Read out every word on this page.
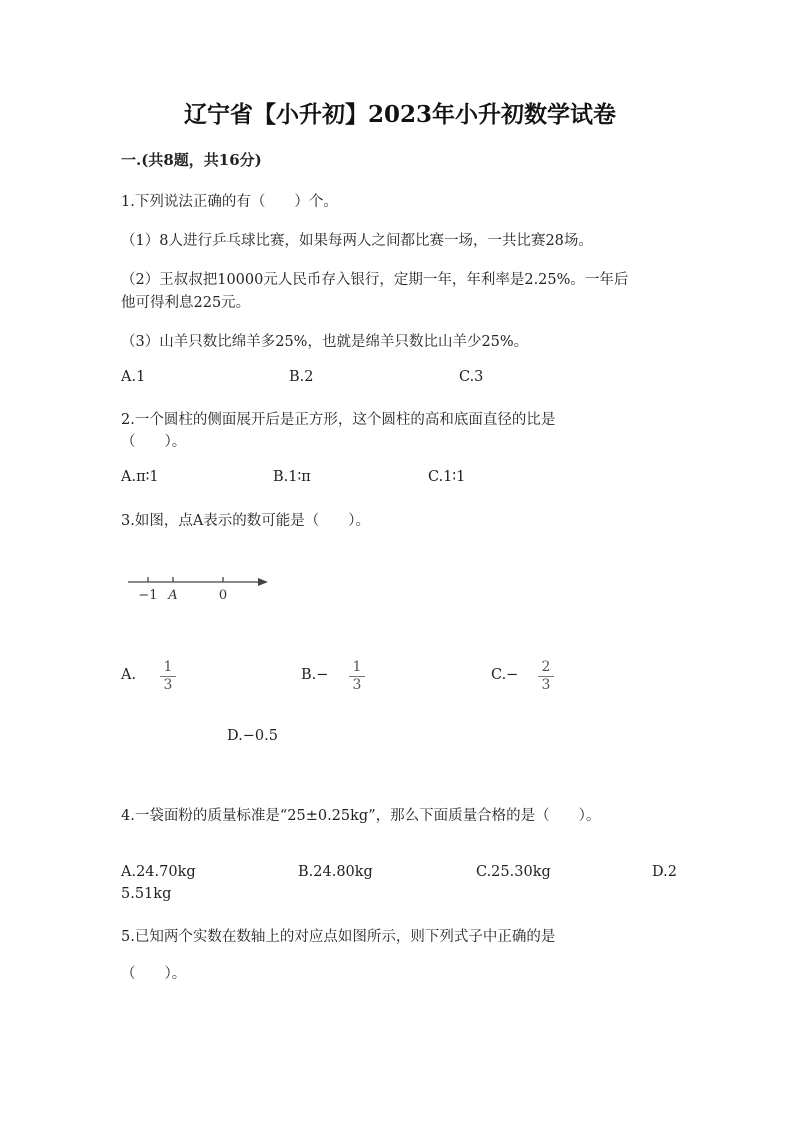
辽宁省【小升初】2023年小升初数学试卷
一.(共8题，共16分)
1.下列说法正确的有（　　）个。
（1）8人进行乒乓球比赛，如果每两人之间都比赛一场，一共比赛28场。
（2）王叔叔把10000元人民币存入银行，定期一年，年利率是2.25%。一年后
他可得利息225元。
（3）山羊只数比绵羊多25%，也就是绵羊只数比山羊少25%。
A.1	B.2	C.3
2.一个圆柱的侧面展开后是正方形，这个圆柱的高和底面直径的比是
（　　）。
A.π∶1	B.1∶π	C.1∶1
3.如图，点A表示的数可能是（　　）。
−1 A	0
A. 1
3
B.− 1
3
C.− 2
3
D.−0.5
4.一袋面粉的质量标准是“25±0.25kg”，那么下面质量合格的是（　　）。
A.24.70kg	B.24.80kg	C.25.30kg	D.2
5.51kg
5.已知两个实数在数轴上的对应点如图所示，则下列式子中正确的是
（　　）。
